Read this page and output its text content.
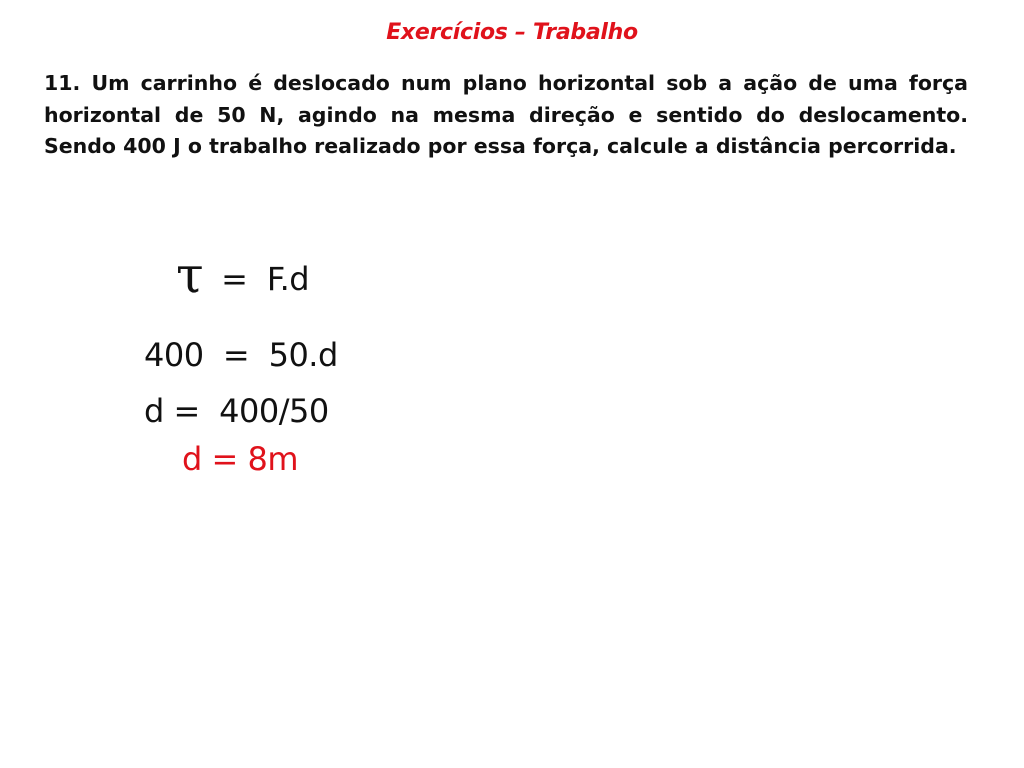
Exercícios – Trabalho
11. Um carrinho é deslocado num plano horizontal sob a ação de uma força horizontal de 50 N, agindo na mesma direção e sentido do deslocamento. Sendo 400 J o trabalho realizado por essa força, calcule a distância percorrida.
τ =  F.d
400  =  50.d
d =  400/50
d = 8m
